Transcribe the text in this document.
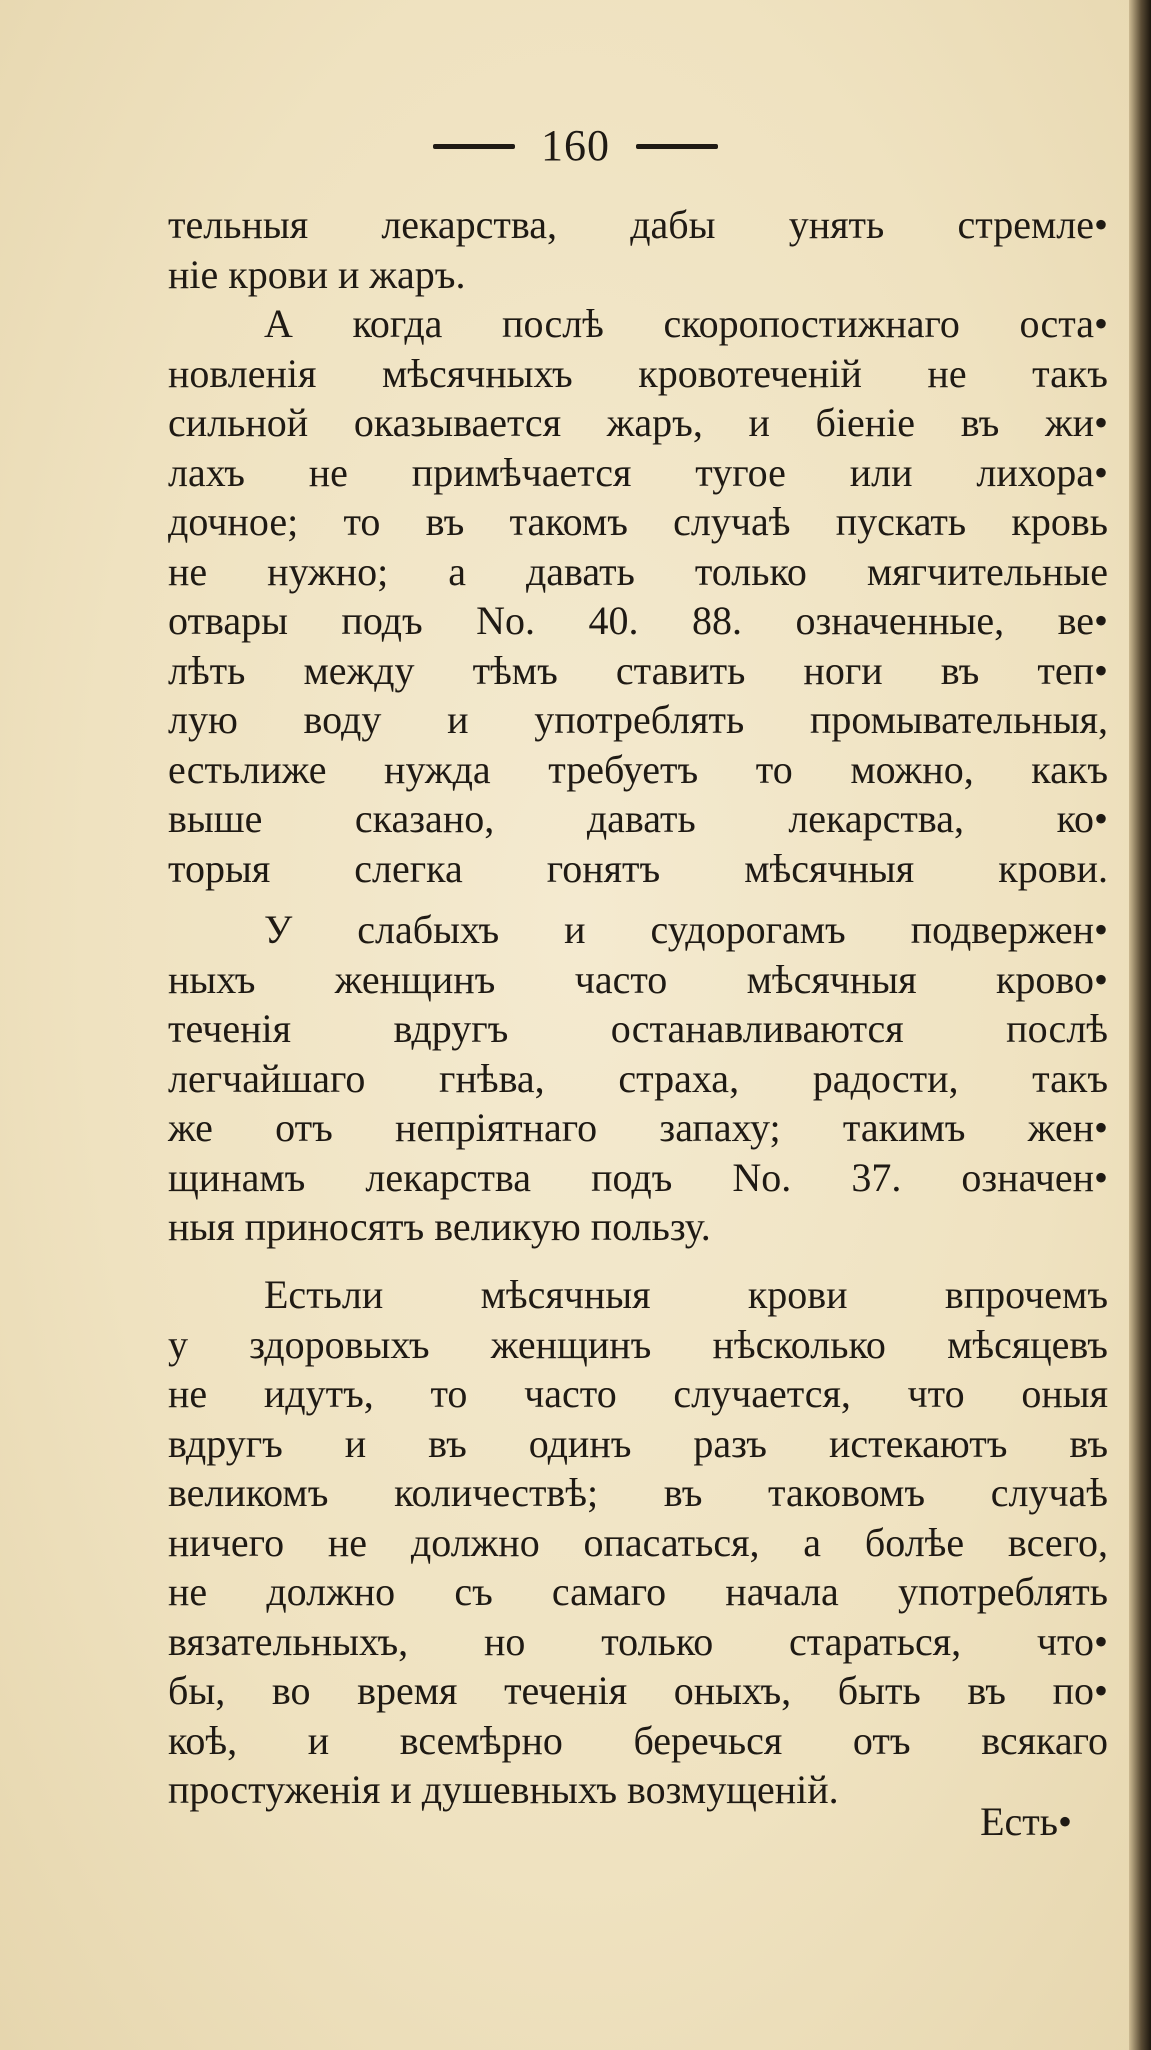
160
тельныя лекарства, дабы унять стремле•
ніе крови и жаръ.
А когда послѣ скоропостижнаго оста•
новленія мѣсячныхъ кровотеченій не такъ
сильной оказывается жаръ, и біеніе въ жи•
лахъ не примѣчается тугое или лихора•
дочное; то въ такомъ случаѣ пускать кровь
не нужно; а давать только мягчительные
отвары подъ No. 40. 88. означенные, ве•
лѣть между тѣмъ ставить ноги въ теп•
лую воду и употреблять промывательныя,
естьлиже нужда требуетъ то можно, какъ
выше сказано, давать лекарства, ко•
торыя слегка гонятъ мѣсячныя крови.
У слабыхъ и судорогамъ подвержен•
ныхъ женщинъ часто мѣсячныя крово•
теченія вдругъ останавливаются послѣ
легчайшаго гнѣва, страха, радости, такъ
же отъ непріятнаго запаху; такимъ жен•
щинамъ лекарства подъ No. 37. означен•
ныя приносятъ великую пользу.
Естьли мѣсячныя крови впрочемъ
у здоровыхъ женщинъ нѣсколько мѣсяцевъ
не идутъ, то часто случается, что оныя
вдругъ и въ одинъ разъ истекаютъ въ
великомъ количествѣ; въ таковомъ случаѣ
ничего не должно опасаться, а болѣе всего,
не должно съ самаго начала употреблять
вязательныхъ, но только стараться, что•
бы, во время теченія оныхъ, быть въ по•
коѣ, и всемѣрно беречься отъ всякаго
простуженія и душевныхъ возмущеній.
Есть•
